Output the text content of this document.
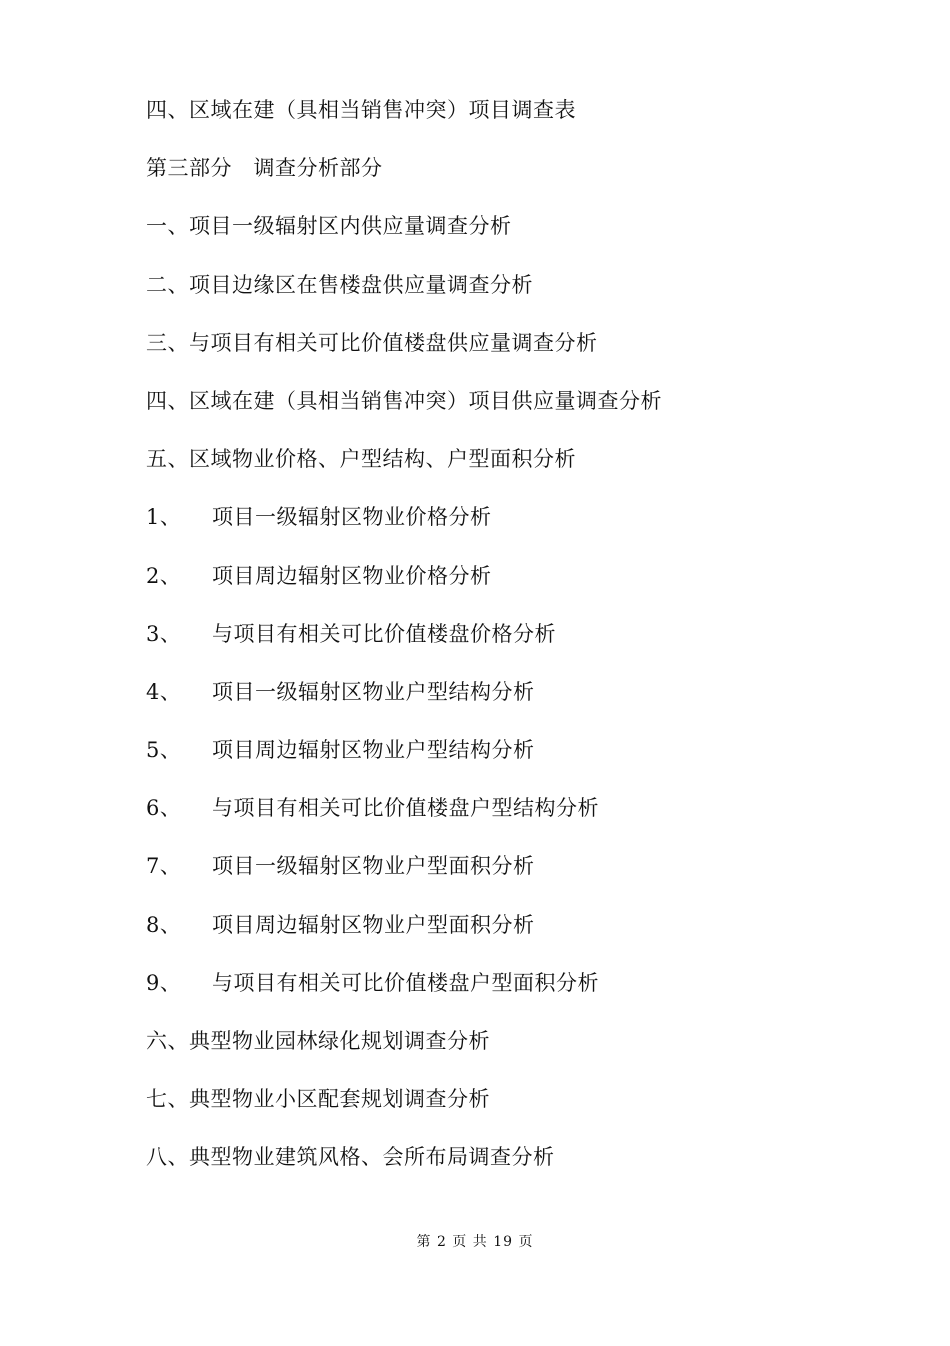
四、区域在建（具相当销售冲突）项目调查表
第三部分　调查分析部分
一、项目一级辐射区内供应量调查分析
二、项目边缘区在售楼盘供应量调查分析
三、与项目有相关可比价值楼盘供应量调查分析
四、区域在建（具相当销售冲突）项目供应量调查分析
五、区域物业价格、户型结构、户型面积分析
1、 项目一级辐射区物业价格分析
2、 项目周边辐射区物业价格分析
3、 与项目有相关可比价值楼盘价格分析
4、 项目一级辐射区物业户型结构分析
5、 项目周边辐射区物业户型结构分析
6、 与项目有相关可比价值楼盘户型结构分析
7、 项目一级辐射区物业户型面积分析
8、 项目周边辐射区物业户型面积分析
9、 与项目有相关可比价值楼盘户型面积分析
六、典型物业园林绿化规划调查分析
七、典型物业小区配套规划调查分析
八、典型物业建筑风格、会所布局调查分析
第 2 页 共 19 页
